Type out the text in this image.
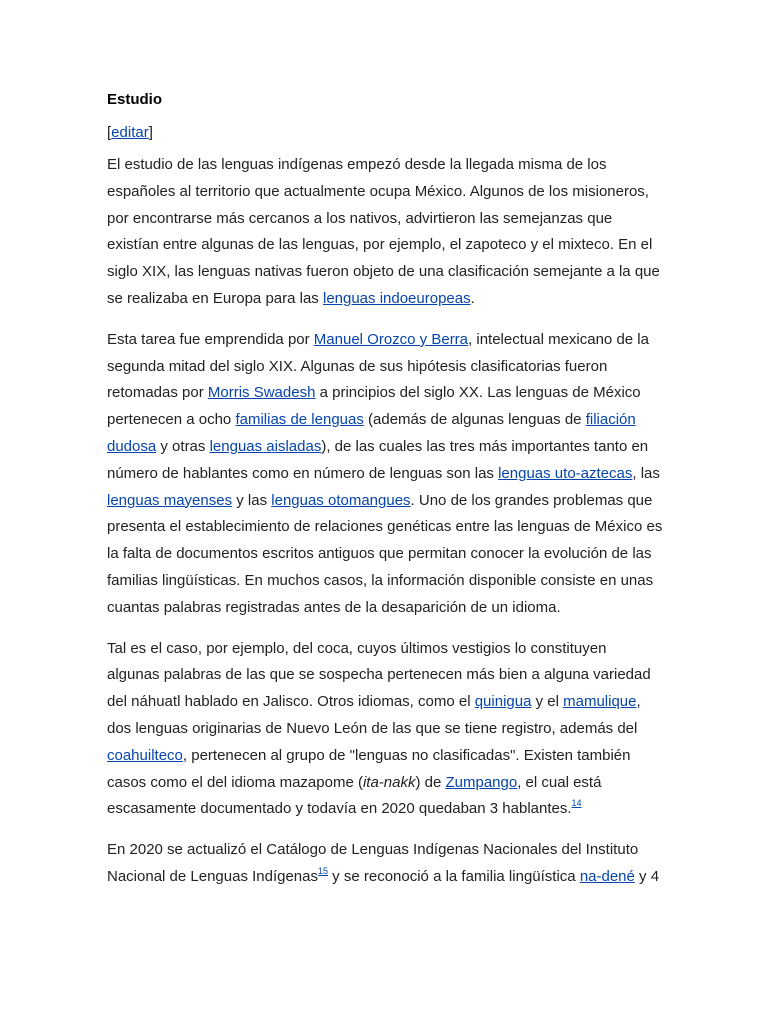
Estudio
[editar]

El estudio de las lenguas indígenas empezó desde la llegada misma de los españoles al territorio que actualmente ocupa México. Algunos de los misioneros, por encontrarse más cercanos a los nativos, advirtieron las semejanzas que existían entre algunas de las lenguas, por ejemplo, el zapoteco y el mixteco. En el siglo XIX, las lenguas nativas fueron objeto de una clasificación semejante a la que se realizaba en Europa para las lenguas indoeuropeas.

Esta tarea fue emprendida por Manuel Orozco y Berra, intelectual mexicano de la segunda mitad del siglo XIX. Algunas de sus hipótesis clasificatorias fueron retomadas por Morris Swadesh a principios del siglo XX. Las lenguas de México pertenecen a ocho familias de lenguas (además de algunas lenguas de filiación dudosa y otras lenguas aisladas), de las cuales las tres más importantes tanto en número de hablantes como en número de lenguas son las lenguas uto-aztecas, las lenguas mayenses y las lenguas otomangues. Uno de los grandes problemas que presenta el establecimiento de relaciones genéticas entre las lenguas de México es la falta de documentos escritos antiguos que permitan conocer la evolución de las familias lingüísticas. En muchos casos, la información disponible consiste en unas cuantas palabras registradas antes de la desaparición de un idioma.

Tal es el caso, por ejemplo, del coca, cuyos últimos vestigios lo constituyen algunas palabras de las que se sospecha pertenecen más bien a alguna variedad del náhuatl hablado en Jalisco. Otros idiomas, como el quinigua y el mamulique, dos lenguas originarias de Nuevo León de las que se tiene registro, además del coahuilteco, pertenecen al grupo de "lenguas no clasificadas". Existen también casos como el del idioma mazapome (ita-nakk) de Zumpango, el cual está escasamente documentado y todavía en 2020 quedaban 3 hablantes.$^{14}$

En 2020 se actualizó el Catálogo de Lenguas Indígenas Nacionales del Instituto Nacional de Lenguas Indígenas$^{15}$ y se reconoció a la familia lingüística na-dené y 4
